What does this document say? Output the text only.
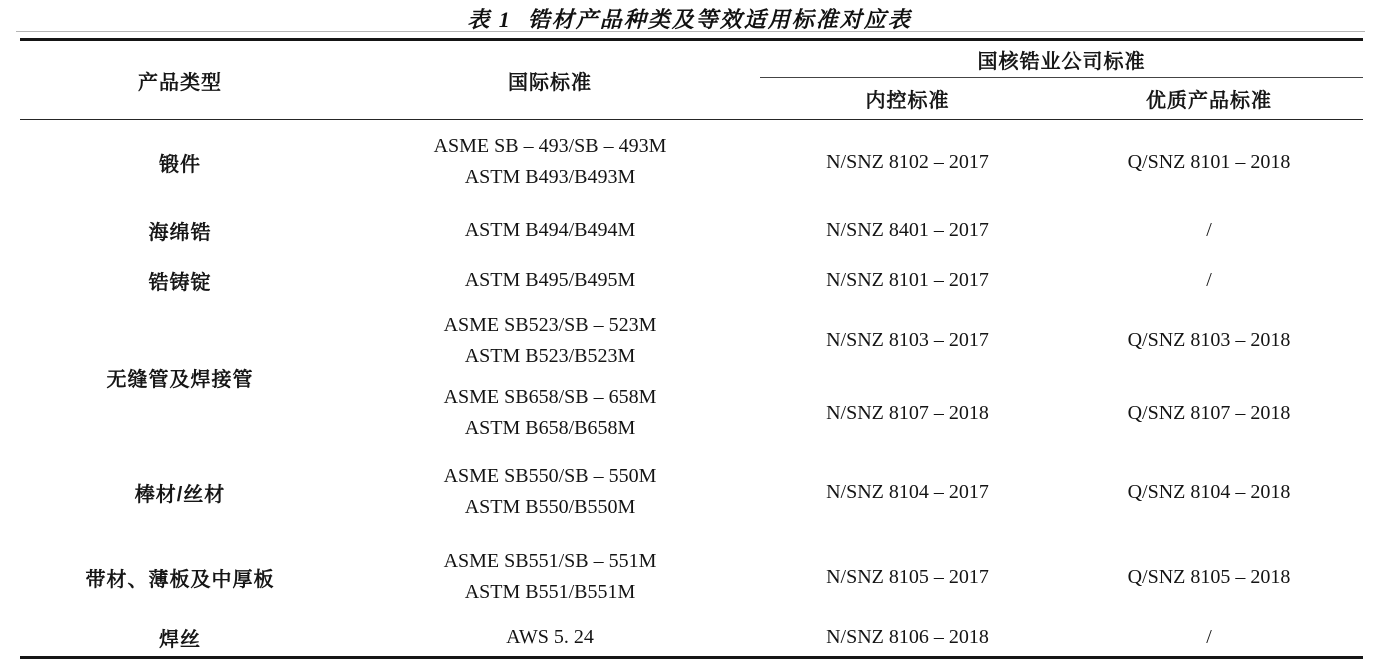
表 1 锆材产品种类及等效适用标准对应表
产品类型	国际标准	国核锆业公司标准	
		内控标准	优质产品标准
锻件	ASME SB – 493/SB – 493M
ASTM B493/B493M	N/SNZ 8102 – 2017	Q/SNZ 8101 – 2018
海绵锆	ASTM B494/B494M	N/SNZ 8401 – 2017	/
锆铸锭	ASTM B495/B495M	N/SNZ 8101 – 2017	/
无缝管及焊接管	ASME SB523/SB – 523M
ASTM B523/B523M	N/SNZ 8103 – 2017	Q/SNZ 8103 – 2018

	ASME SB658/SB – 658M
ASTM B658/B658M	N/SNZ 8107 – 2018	Q/SNZ 8107 – 2018
棒材/丝材	ASME SB550/SB – 550M
ASTM B550/B550M	N/SNZ 8104 – 2017	Q/SNZ 8104 – 2018
带材、薄板及中厚板	ASME SB551/SB – 551M
ASTM B551/B551M	N/SNZ 8105 – 2017	Q/SNZ 8105 – 2018
焊丝	AWS 5. 24	N/SNZ 8106 – 2018	/
